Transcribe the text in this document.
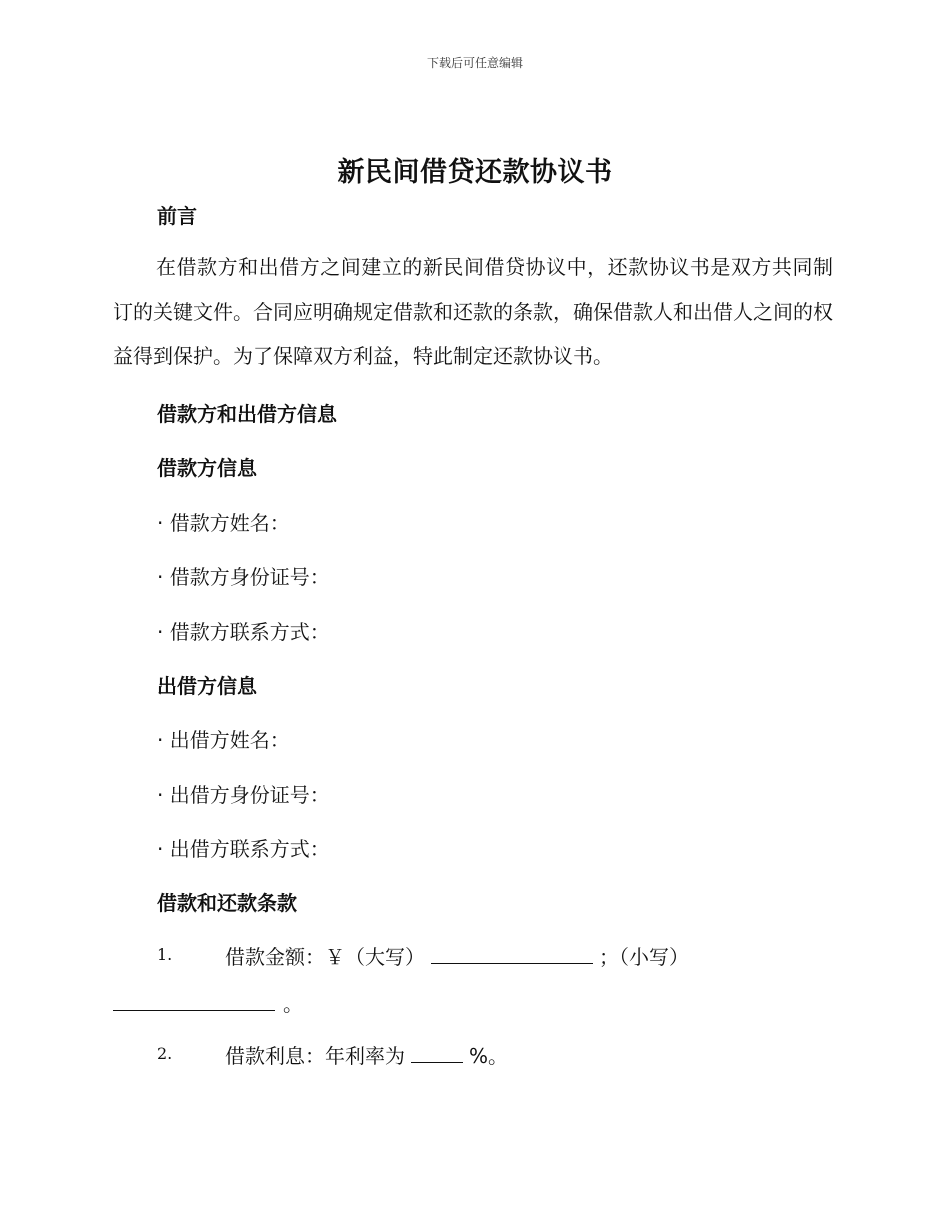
下载后可任意编辑
新民间借贷还款协议书
前言
在借款方和出借方之间建立的新民间借贷协议中，还款协议书是双方共同制订的关键文件。合同应明确规定借款和还款的条款，确保借款人和出借人之间的权益得到保护。为了保障双方利益，特此制定还款协议书。
借款方和出借方信息
借款方信息
· 借款方姓名：
· 借款方身份证号：
· 借款方联系方式：
出借方信息
· 出借方姓名：
· 出借方身份证号：
· 出借方联系方式：
借款和还款条款
1.	借款金额：￥（大写）	；（小写）
。
2.	借款利息：年利率为	%。
